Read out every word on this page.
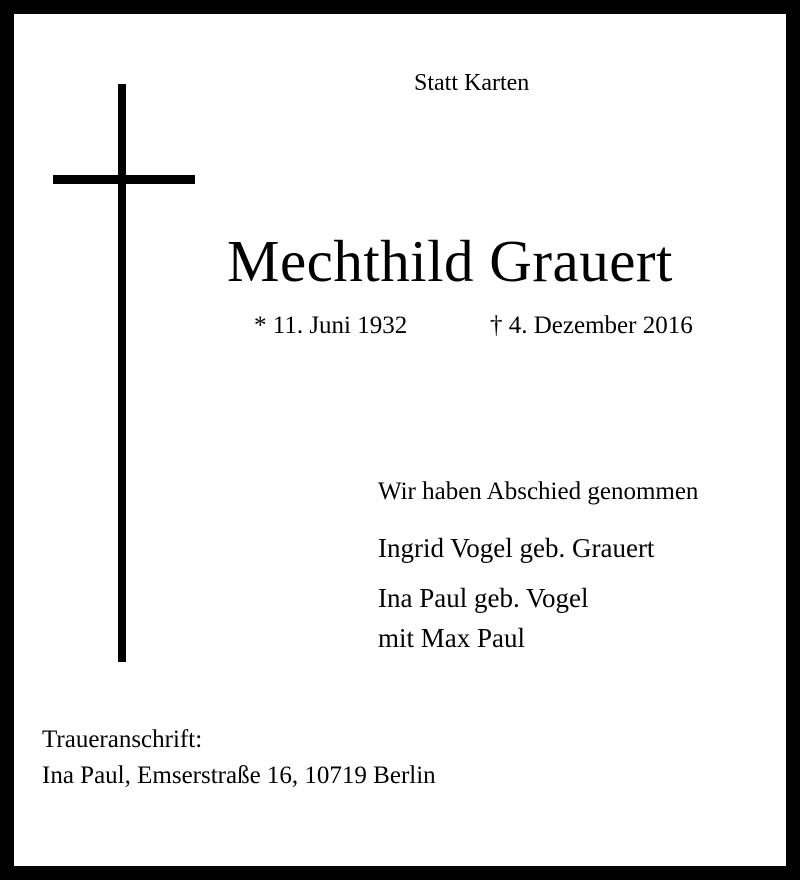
Statt Karten
Mechthild Grauert
* 11. Juni 1932	† 4. Dezember 2016
Wir haben Abschied genommen
Ingrid Vogel geb. Grauert
Ina Paul geb. Vogel
mit Max Paul
Traueranschrift:
Ina Paul, Emserstraße 16, 10719 Berlin
